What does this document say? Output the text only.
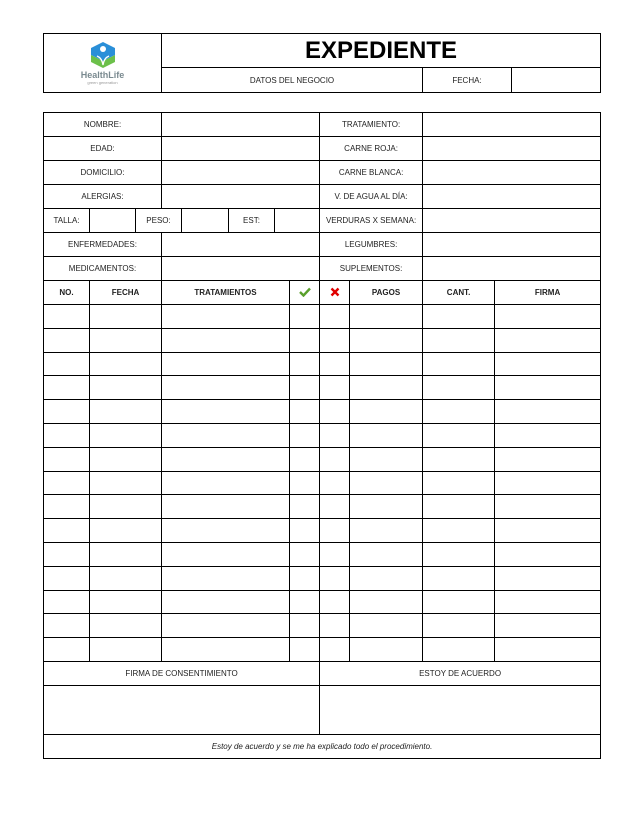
HealthLife
green generation	EXPEDIENTE		
	DATOS DEL NEGOCIO	FECHA:	
NOMBRE:								TRATAMIENTO:			
EDAD:								CARNE ROJA:			
DOMICILIO:								CARNE BLANCA:			
ALERGIAS:								V. DE AGUA AL DÍA:			
TALLA:		PESO:			EST:			VERDURAS X SEMANA:			
ENFERMEDADES:								LEGUMBRES:			
MEDICAMENTOS:								SUPLEMENTOS:			
NO.	FECHA		TRATAMIENTOS						PAGOS	CANT.	FIRMA

FIRMA DE CONSENTIMIENTO								ESTOY DE ACUERDO			

Estoy de acuerdo y se me ha explicado todo el procedimiento.											
